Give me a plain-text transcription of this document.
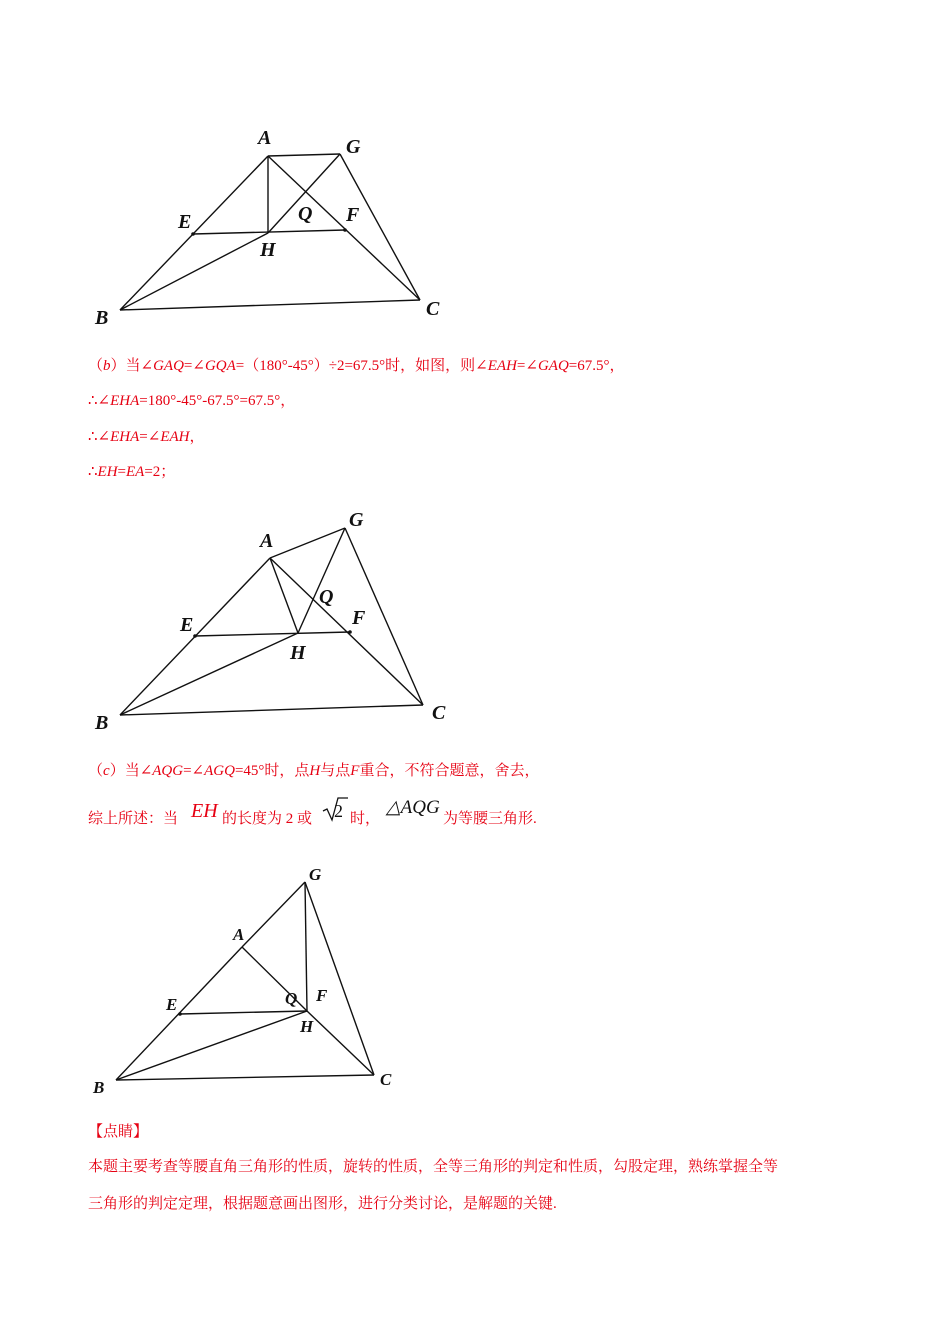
A	G
E	Q F
H
B	C
（b）当∠GAQ=∠GQA=（180°-45°）÷2=67.5°时，如图，则∠EAH=∠GAQ=67.5°，
∴∠EHA=180°-45°-67.5°=67.5°，
∴∠EHA=∠EAH，
∴EH=EA=2；
A
G
E
Q
F
H
B	C
（c）当∠AQG=∠AGQ=45°时，点H与点F重合，不符合题意，舍去，
综上所述：当 EH 的长度为 2 或 2 时，
△AQG
为等腰三角形.
A
G
E	Q F
H
B	C
【点睛】
本题主要考查等腰直角三角形的性质，旋转的性质，全等三角形的判定和性质，勾股定理，熟练掌握全等
三角形的判定定理，根据题意画出图形，进行分类讨论，是解题的关键.
